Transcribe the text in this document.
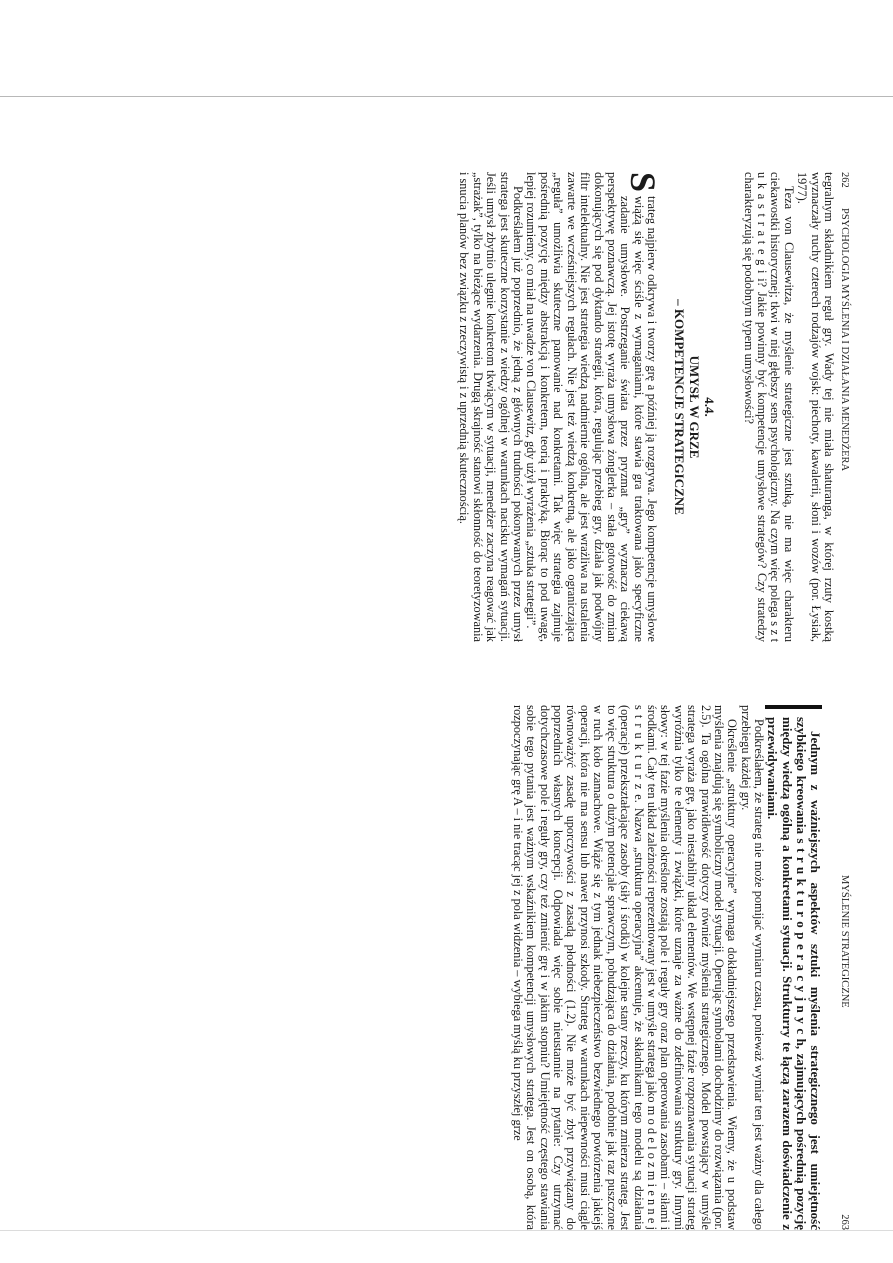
262
PSYCHOLOGIA MYŚLENIA I DZIAŁANIA MENEDŻERA

tegralnym składnikiem reguł gry. Wady tej nie miała shaturanga, w której rzuty kostką wyznaczały ruchy czterech rodzajów wojsk: piechoty, kawalerii, słoni i wozów (por. Łysiak, 1977).

Teza von Clausewitza, że myślenie strategiczne jest sztuką, nie ma więc charakteru ciekawostki historycznej; tkwi w niej głębszy sens psychologiczny. Na czym więc polega s z t u k a s t r a t e g i i? Jakie powinny być kompetencje umysłowe strategów? Czy stratedzy charakteryzują się podobnym typem umysłowości?

4.4.
UMYSŁ W GRZE
– KOMPETENCJE STRATEGICZNE

S
trateg najpierw odkrywa i tworzy grę a później ją rozgrywa. Jego kompetencje umysłowe wiążą się więc ściśle z wymaganiami, które stawia gra traktowana jako specyficzne zadanie umysłowe. Postrzeganie świata przez pryzmat „gry” wyznacza ciekawą perspektywę poznawczą. Jej istotę wyraża umysłowa żonglerka – stała gotowość do zmian dokonujących się pod dyktando strategii, która, regulując przebieg gry, działa jak podwójny filtr intelektualny. Nie jest strategia wiedzą nadmiernie ogólną, ale jest wrażliwa na ustalenia zawarte we wcześniejszych regułach. Nie jest też wiedzą konkretną, ale jako ograniczająca „reguła” umożliwia skuteczne panowanie nad konkretami. Tak więc strategia zajmuje pośrednią pozycję między abstrakcją i konkretem, teorią i praktyką. Biorąc to pod uwagę, lepiej rozumiemy, co miał na uwadze von Clausewitz, gdy użył wyrażenia „sztuka strategii”.

Podkreślałem już poprzednio, że jedną z głównych trudności pokonywanych przez umysł stratega jest skuteczne korzystanie z wiedzy ogólnej w warunkach nacisku wymagań sytuacji. Jeśli umysł zbytnio ulegnie konkretom tkwiącym w sytuacji, menedżer zaczyna reagować jak „strażak”, tylko na bieżące wydarzenia. Drugą skrajność stanowi skłonność do teoretyzowania i snucia planów bez związku z rzeczywistą i z uprzednią skutecznością.

MYŚLENIE STRATEGICZNE
263

Jednym z ważniejszych aspektów sztuki myślenia strategicznego jest umiejętność szybkiego kreowania s t r u k t u r o p e r a c y j n y c h, zajmujących pośrednią pozycję między wiedzą ogólną a konkretami sytuacji. Strukturry te łączą zarazem doświadczenie z przewidywaniami.

Podkreślałem, że strateg nie może pomijać wymiaru czasu, ponieważ wymiar ten jest ważny dla całego przebiegu każdej gry.

Określenie „struktury operacyjne” wymaga dokładniejszego przedstawienia. Wiemy, że u podstaw myślenia znajdują się symboliczny model sytuacji. Operując symbolami dochodzimy do rozwiązania (por. 2.5). Ta ogólna prawidłowość dotyczy również myślenia strategicznego. Model powstający w umyśle stratega wyraża grę, jako niestabilny układ elementów. We wstępnej fazie rozpoznawania sytuacji strateg wyróżnia tylko te elementy i związki, które uznaje za ważne do zdefiniowania struktury gry. Innymi słowy: w tej fazie myślenia określone zostają pole i reguły gry oraz plan operowania zasobami – siłami i środkami. Cały ten układ zależności reprezentowany jest w umyśle stratega jako m o d e l o z m i e n n e j s t r u k t u r z e. Nazwa „struktura operacyjna” akcentuje, że składnikami tego modelu są działania (operacje) przekształcające zasoby (siły i środki) w kolejne stany rzeczy, ku którym zmierza strateg. Jest to więc struktura o dużym potencjale sprawczym, pobudzająca do działania, podobnie jak raz puszczone w ruch koło zamachowe. Wiąże się z tym jednak niebezpieczeństwo bezwiednego powtórzenia jakiejś operacji, która nie ma sensu lub nawet przynosi szkody. Strateg w warunkach niepewności musi ciągle równoważyć zasadę uporczywości z zasadą płodności (1.2). Nie może być zbyt przywiązany do poprzednich własnych koncepcji. Odpowiada więc sobie nieustannie na pytanie: Czy utrzymać dotychczasowe pole i reguły gry, czy też zmienić grę i w jakim stopniu? Umiejętność częstego stawiania sobie tego pytania jest ważnym wskaźnikiem kompetencji umysłowych stratega. Jest on osobą, która rozpoczynając grę A – i nie tracąc jej z pola widzenia – wybiega myślą ku przyszłej grze
